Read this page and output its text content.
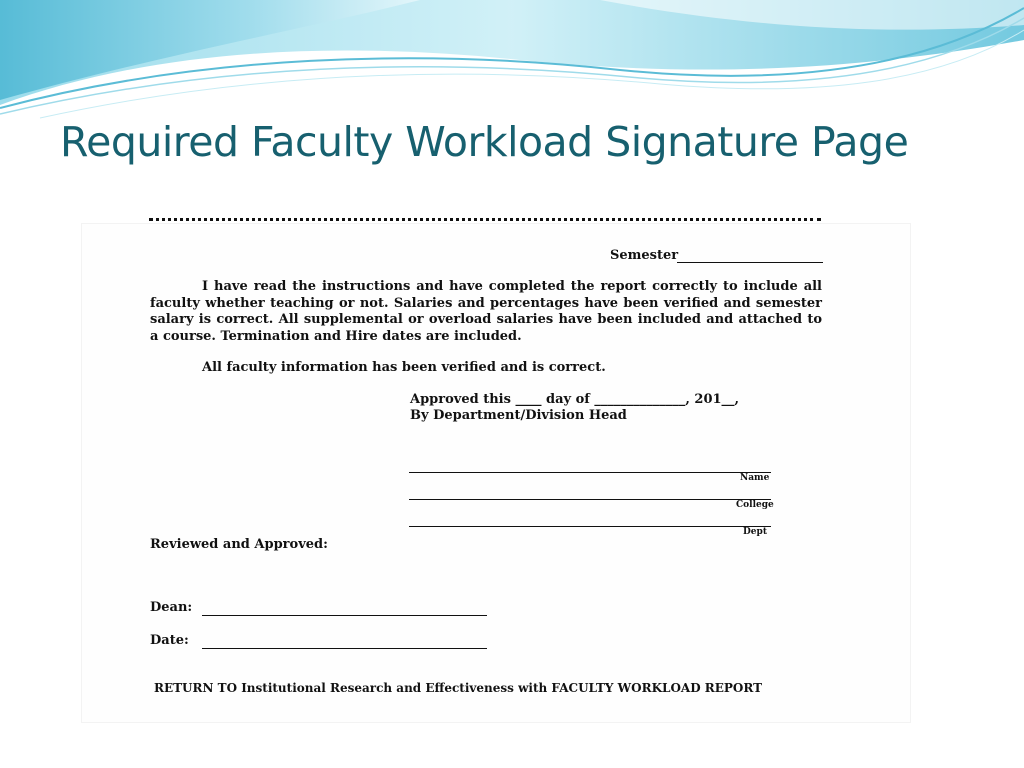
Required Faculty Workload Signature Page
Semester
I have read the instructions and have completed the report correctly to include all faculty whether teaching or not. Salaries and percentages have been verified and semester salary is correct. All supplemental or overload salaries have been included and attached to a course. Termination and Hire dates are included.
All faculty information has been verified and is correct.
Approved this ____ day of ______________, 201__,
By Department/Division Head
Name
College
Dept
Reviewed and Approved:
Dean:
Date:
RETURN TO Institutional Research and Effectiveness with FACULTY WORKLOAD REPORT
